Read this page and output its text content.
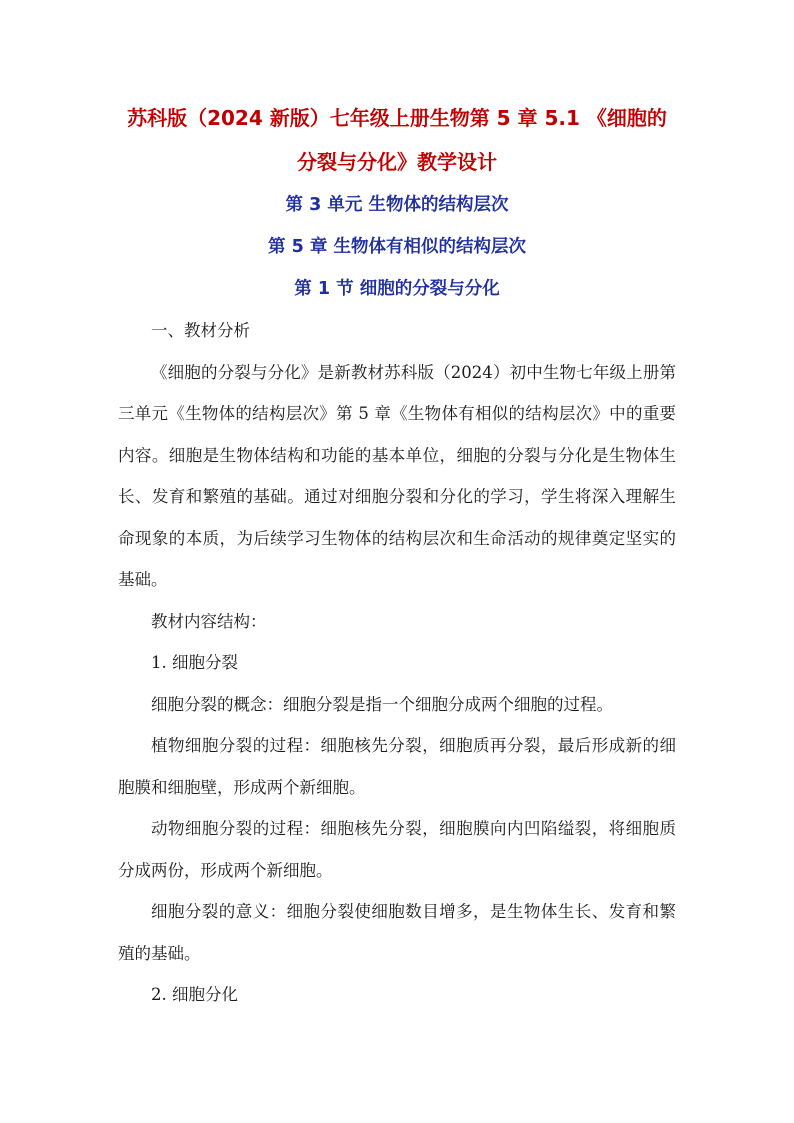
苏科版（2024 新版）七年级上册生物第 5 章 5.1 《细胞的分裂与分化》教学设计
第 3 单元 生物体的结构层次
第 5 章 生物体有相似的结构层次
第 1 节 细胞的分裂与分化

一、教材分析

《细胞的分裂与分化》是新教材苏科版（2024）初中生物七年级上册第三单元《生物体的结构层次》第 5 章《生物体有相似的结构层次》中的重要内容。细胞是生物体结构和功能的基本单位，细胞的分裂与分化是生物体生长、发育和繁殖的基础。通过对细胞分裂和分化的学习，学生将深入理解生命现象的本质，为后续学习生物体的结构层次和生命活动的规律奠定坚实的基础。

教材内容结构：

1. 细胞分裂

细胞分裂的概念：细胞分裂是指一个细胞分成两个细胞的过程。

植物细胞分裂的过程：细胞核先分裂，细胞质再分裂，最后形成新的细胞膜和细胞壁，形成两个新细胞。

动物细胞分裂的过程：细胞核先分裂，细胞膜向内凹陷缢裂，将细胞质分成两份，形成两个新细胞。

细胞分裂的意义：细胞分裂使细胞数目增多，是生物体生长、发育和繁殖的基础。

2. 细胞分化
